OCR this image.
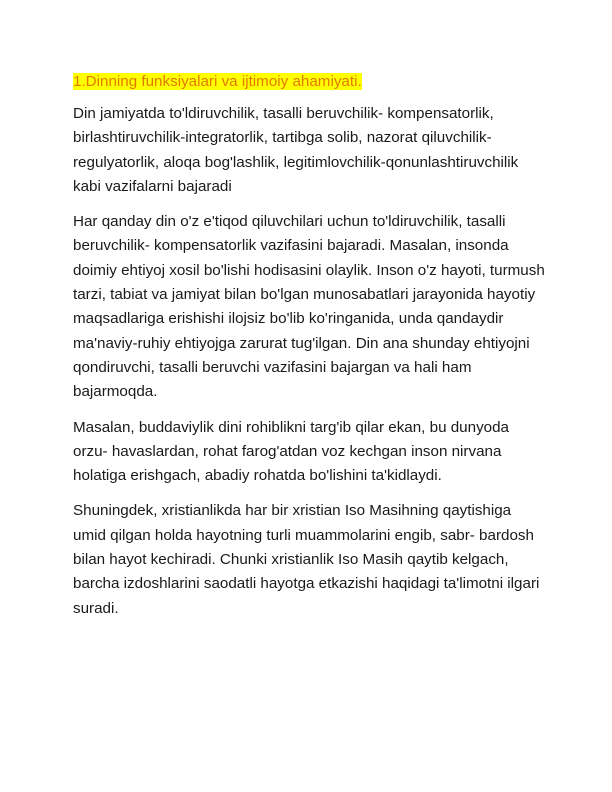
1.Dinning funksiyalari va ijtimoiy ahamiyati.

Din jamiyatda to'ldiruvchilik, tasalli beruvchilik- kompensatorlik, birlashtiruvchilik-integratorlik, tartibga solib, nazorat qiluvchilik-regulyatorlik, aloqa bog'lashlik, legitimlovchilik-qonunlashtiruvchilik kabi vazifalarni bajaradi

Har qanday din o'z e'tiqod qiluvchilari uchun to'ldiruvchilik, tasalli beruvchilik- kompensatorlik vazifasini bajaradi. Masalan, insonda doimiy ehtiyoj xosil bo'lishi hodisasini olaylik. Inson o'z hayoti, turmush tarzi, tabiat va jamiyat bilan bo'lgan munosabatlari jarayonida hayotiy maqsadlariga erishishi ilojsiz bo'lib ko'ringanida, unda qandaydir ma'naviy-ruhiy ehtiyojga zarurat tug'ilgan. Din ana shunday ehtiyojni qondiruvchi, tasalli beruvchi vazifasini bajargan va hali ham bajarmoqda.

Masalan, buddaviylik dini rohiblikni targ'ib qilar ekan, bu dunyoda orzu- havaslardan, rohat farog'atdan voz kechgan inson nirvana holatiga erishgach, abadiy rohatda bo'lishini ta'kidlaydi.

Shuningdek, xristianlikda har bir xristian Iso Masihning qaytishiga umid qilgan holda hayotning turli muammolarini engib, sabr- bardosh bilan hayot kechiradi. Chunki xristianlik Iso Masih qaytib kelgach, barcha izdoshlarini saodatli hayotga etkazishi haqidagi ta'limotni ilgari suradi.
